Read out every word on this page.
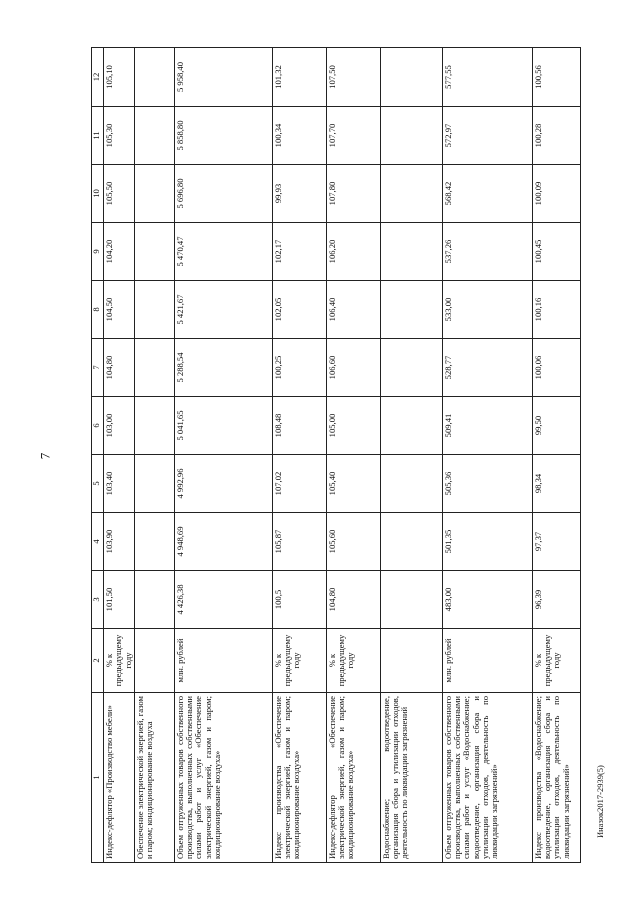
7
1	2	3	4	5	6	7	8	9	10	11	12
Индекс-дефлятор «Производство мебели»	% к предыдущему году	101,50	103,90	103,40	103,00	104,80	104,50	104,20	105,50	105,30	105,10
Обеспечение электрической энергией, газом и паром; кондиционирование воздуха											
Объем отгруженных товаров собственного производства, выполненных собственными силами работ и услуг «Обеспечение электрической энергией, газом и паром; кондиционирование воздуха»	млн. рублей	4 426,38	4 948,69	4 992,96	5 041,65	5 288,54	5 421,67	5 470,47	5 696,80	5 858,80	5 958,40
Индекс производства «Обеспечение электрической энергией, газом и паром; кондиционирование воздуха»	% к предыдущему году	100,5	105,87	107,02	108,48	100,25	102,05	102,17	99,93	100,34	101,32
Индекс-дефлятор «Обеспечение электрической энергией, газом и паром; кондиционирование воздуха»	% к предыдущему году	104,80	105,60	105,40	105,00	106,60	106,40	106,20	107,80	107,70	107,50
Водоснабжение; водоотведение, организация сбора и утилизации отходов, деятельность по ликвидации загрязнений											
Объем отгруженных товаров собственного производства, выполненных собственными силами работ и услуг «Водоснабжение; водоотведение, организация сбора и утилизации отходов, деятельность по ликвидации загрязнений»	млн. рублей	483,00	501,35	505,36	509,41	528,77	533,00	537,26	568,42	572,97	577,55
Индекс производства «Водоснабжение; водоотведение, организация сбора и утилизации отходов, деятельность по ликвидации загрязнений»	% к предыдущему году	96,39	97,37	98,34	99,50	100,06	100,16	100,45	100,09	100,28	100,56
Иназок2017-2939(5)
